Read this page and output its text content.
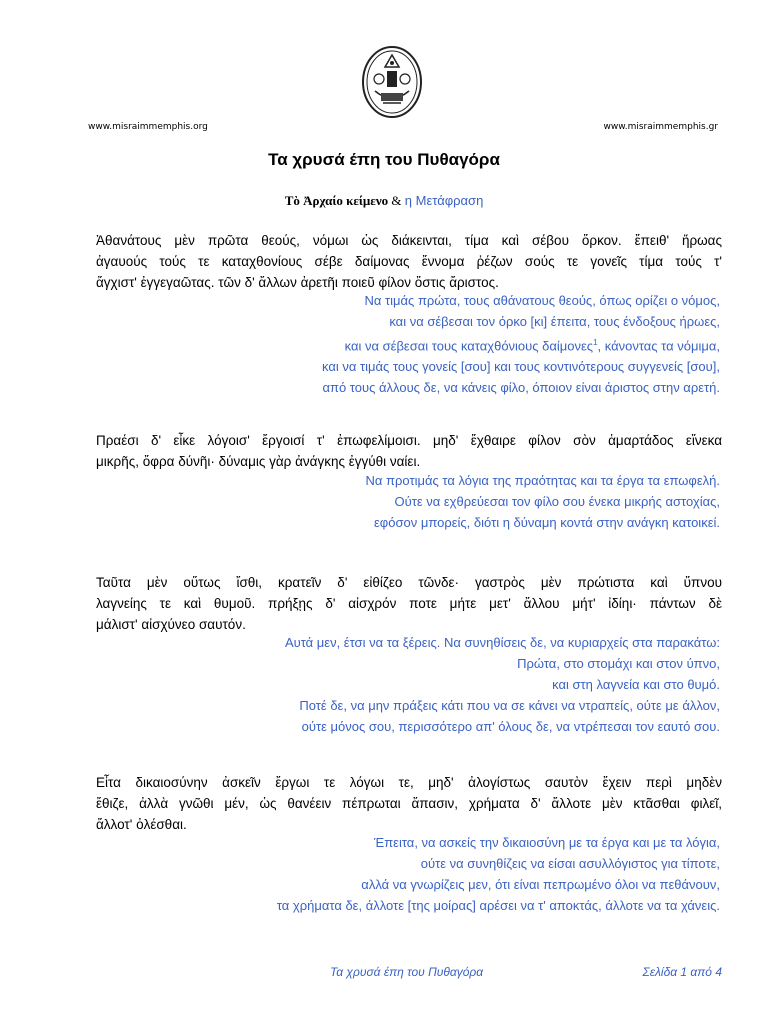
www.misraimmemphis.org	www.misraimmemphis.gr
Τα χρυσά έπη του Πυθαγόρα
Τὸ Ἀρχαίο κείμενο & η Μετάφραση
Ἀθανάτους μὲν πρῶτα θεούς, νόμωι ὡς διάκεινται, τίμα καὶ σέβου ὅρκον. ἔπειθ' ἥρωας
ἀγαυούς τούς τε καταχθονίους σέβε δαίμονας ἔννομα ῥέζων σούς τε γονεῖς τίμα τούς τ'
ἄγχιστ' ἐγγεγαῶτας. τῶν δ' ἄλλων ἀρετῆι ποιεῦ φίλον ὅστις ἄριστος.
Να τιμάς πρώτα, τους αθάνατους θεούς, όπως ορίζει ο νόμος,
και να σέβεσαι τον όρκο [κι] έπειτα, τους ένδοξους ήρωες,
και να σέβεσαι τους καταχθόνιους δαίμονες$^1$, κάνοντας τα νόμιμα,
και να τιμάς τους γονείς [σου] και τους κοντινότερους συγγενείς [σου],
από τους άλλους δε, να κάνεις φίλο, όποιον είναι άριστος στην αρετή.
Πραέσι δ' εἶκε λόγοισ' ἔργοισί τ' ἐπωφελίμοισι. μηδ' ἔχθαιρε φίλον σὸν ἁμαρτάδος εἵνεκα
μικρῆς, ὄφρα δύνῆι· δύναμις γὰρ ἀνάγκης ἐγγύθι ναίει.
Να προτιμάς τα λόγια της πραότητας και τα έργα τα επωφελή.
Ούτε να εχθρεύεσαι τον φίλο σου ένεκα μικρής αστοχίας,
εφόσον μπορείς, διότι η δύναμη κοντά στην ανάγκη κατοικεί.
Ταῦτα μὲν οὕτως ἴσθι, κρατεῖν δ' εἰθίζεο τῶνδε· γαστρὸς μὲν πρώτιστα καὶ ὕπνου
λαγνείης τε καὶ θυμοῦ. πρήξῃς δ' αἰσχρόν ποτε μήτε μετ' ἄλλου μήτ' ἰδίηι· πάντων δὲ
μάλιστ' αἰσχύνεο σαυτόν.
Αυτά μεν, έτσι να τα ξέρεις. Να συνηθίσεις δε, να κυριαρχείς στα παρακάτω:
Πρώτα, στο στομάχι και στον ύπνο,
και στη λαγνεία και στο θυμό.
Ποτέ δε, να μην πράξεις κάτι που να σε κάνει να ντραπείς, ούτε με άλλον,
ούτε μόνος σου, περισσότερο απ' όλους δε, να ντρέπεσαι τον εαυτό σου.
Εἶτα δικαιοσύνην ἀσκεῖν ἔργωι τε λόγωι τε, μηδ' ἀλογίστως σαυτὸν ἔχειν περὶ μηδὲν
ἔθιζε, ἀλλὰ γνῶθι μέν, ὡς θανέειν πέπρωται ἅπασιν, χρήματα δ' ἄλλοτε μὲν κτᾶσθαι φιλεῖ,
ἄλλοτ' ὀλέσθαι.
Έπειτα, να ασκείς την δικαιοσύνη με τα έργα και με τα λόγια,
ούτε να συνηθίζεις να είσαι ασυλλόγιστος για τίποτε,
αλλά να γνωρίζεις μεν, ότι είναι πεπρωμένο όλοι να πεθάνουν,
τα χρήματα δε, άλλοτε [της μοίρας] αρέσει να τ' αποκτάς, άλλοτε να τα χάνεις.
Τα χρυσά έπη του Πυθαγόρα	Σελίδα 1 από 4
